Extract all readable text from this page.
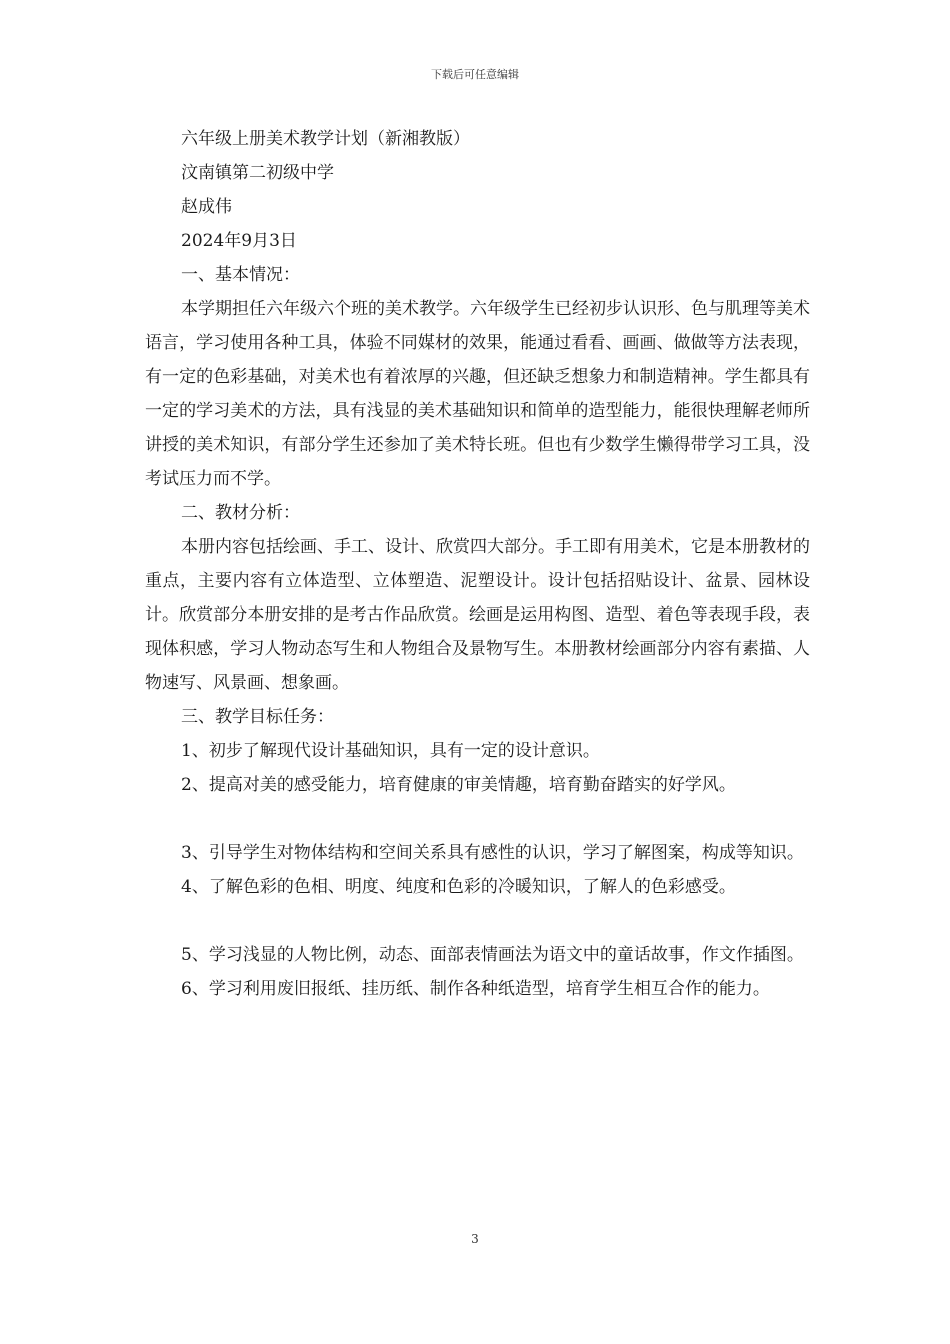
下载后可任意编辑

六年级上册美术教学计划（新湘教版）

汶南镇第二初级中学

赵成伟

2024年9月3日

一、基本情况：

本学期担任六年级六个班的美术教学。六年级学生已经初步认识形、色与肌理等美术语言，学习使用各种工具，体验不同媒材的效果，能通过看看、画画、做做等方法表现，有一定的色彩基础，对美术也有着浓厚的兴趣，但还缺乏想象力和制造精神。学生都具有一定的学习美术的方法，具有浅显的美术基础知识和简单的造型能力，能很快理解老师所讲授的美术知识，有部分学生还参加了美术特长班。但也有少数学生懒得带学习工具，没考试压力而不学。

二、教材分析：

本册内容包括绘画、手工、设计、欣赏四大部分。手工即有用美术，它是本册教材的重点，主要内容有立体造型、立体塑造、泥塑设计。设计包括招贴设计、盆景、园林设计。欣赏部分本册安排的是考古作品欣赏。绘画是运用构图、造型、着色等表现手段，表现体积感，学习人物动态写生和人物组合及景物写生。本册教材绘画部分内容有素描、人物速写、风景画、想象画。

三、教学目标任务：

1、初步了解现代设计基础知识，具有一定的设计意识。

2、提高对美的感受能力，培育健康的审美情趣，培育勤奋踏实的好学风。

3、引导学生对物体结构和空间关系具有感性的认识，学习了解图案，构成等知识。

4、了解色彩的色相、明度、纯度和色彩的冷暖知识，了解人的色彩感受。

5、学习浅显的人物比例，动态、面部表情画法为语文中的童话故事，作文作插图。

6、学习利用废旧报纸、挂历纸、制作各种纸造型，培育学生相互合作的能力。

3
